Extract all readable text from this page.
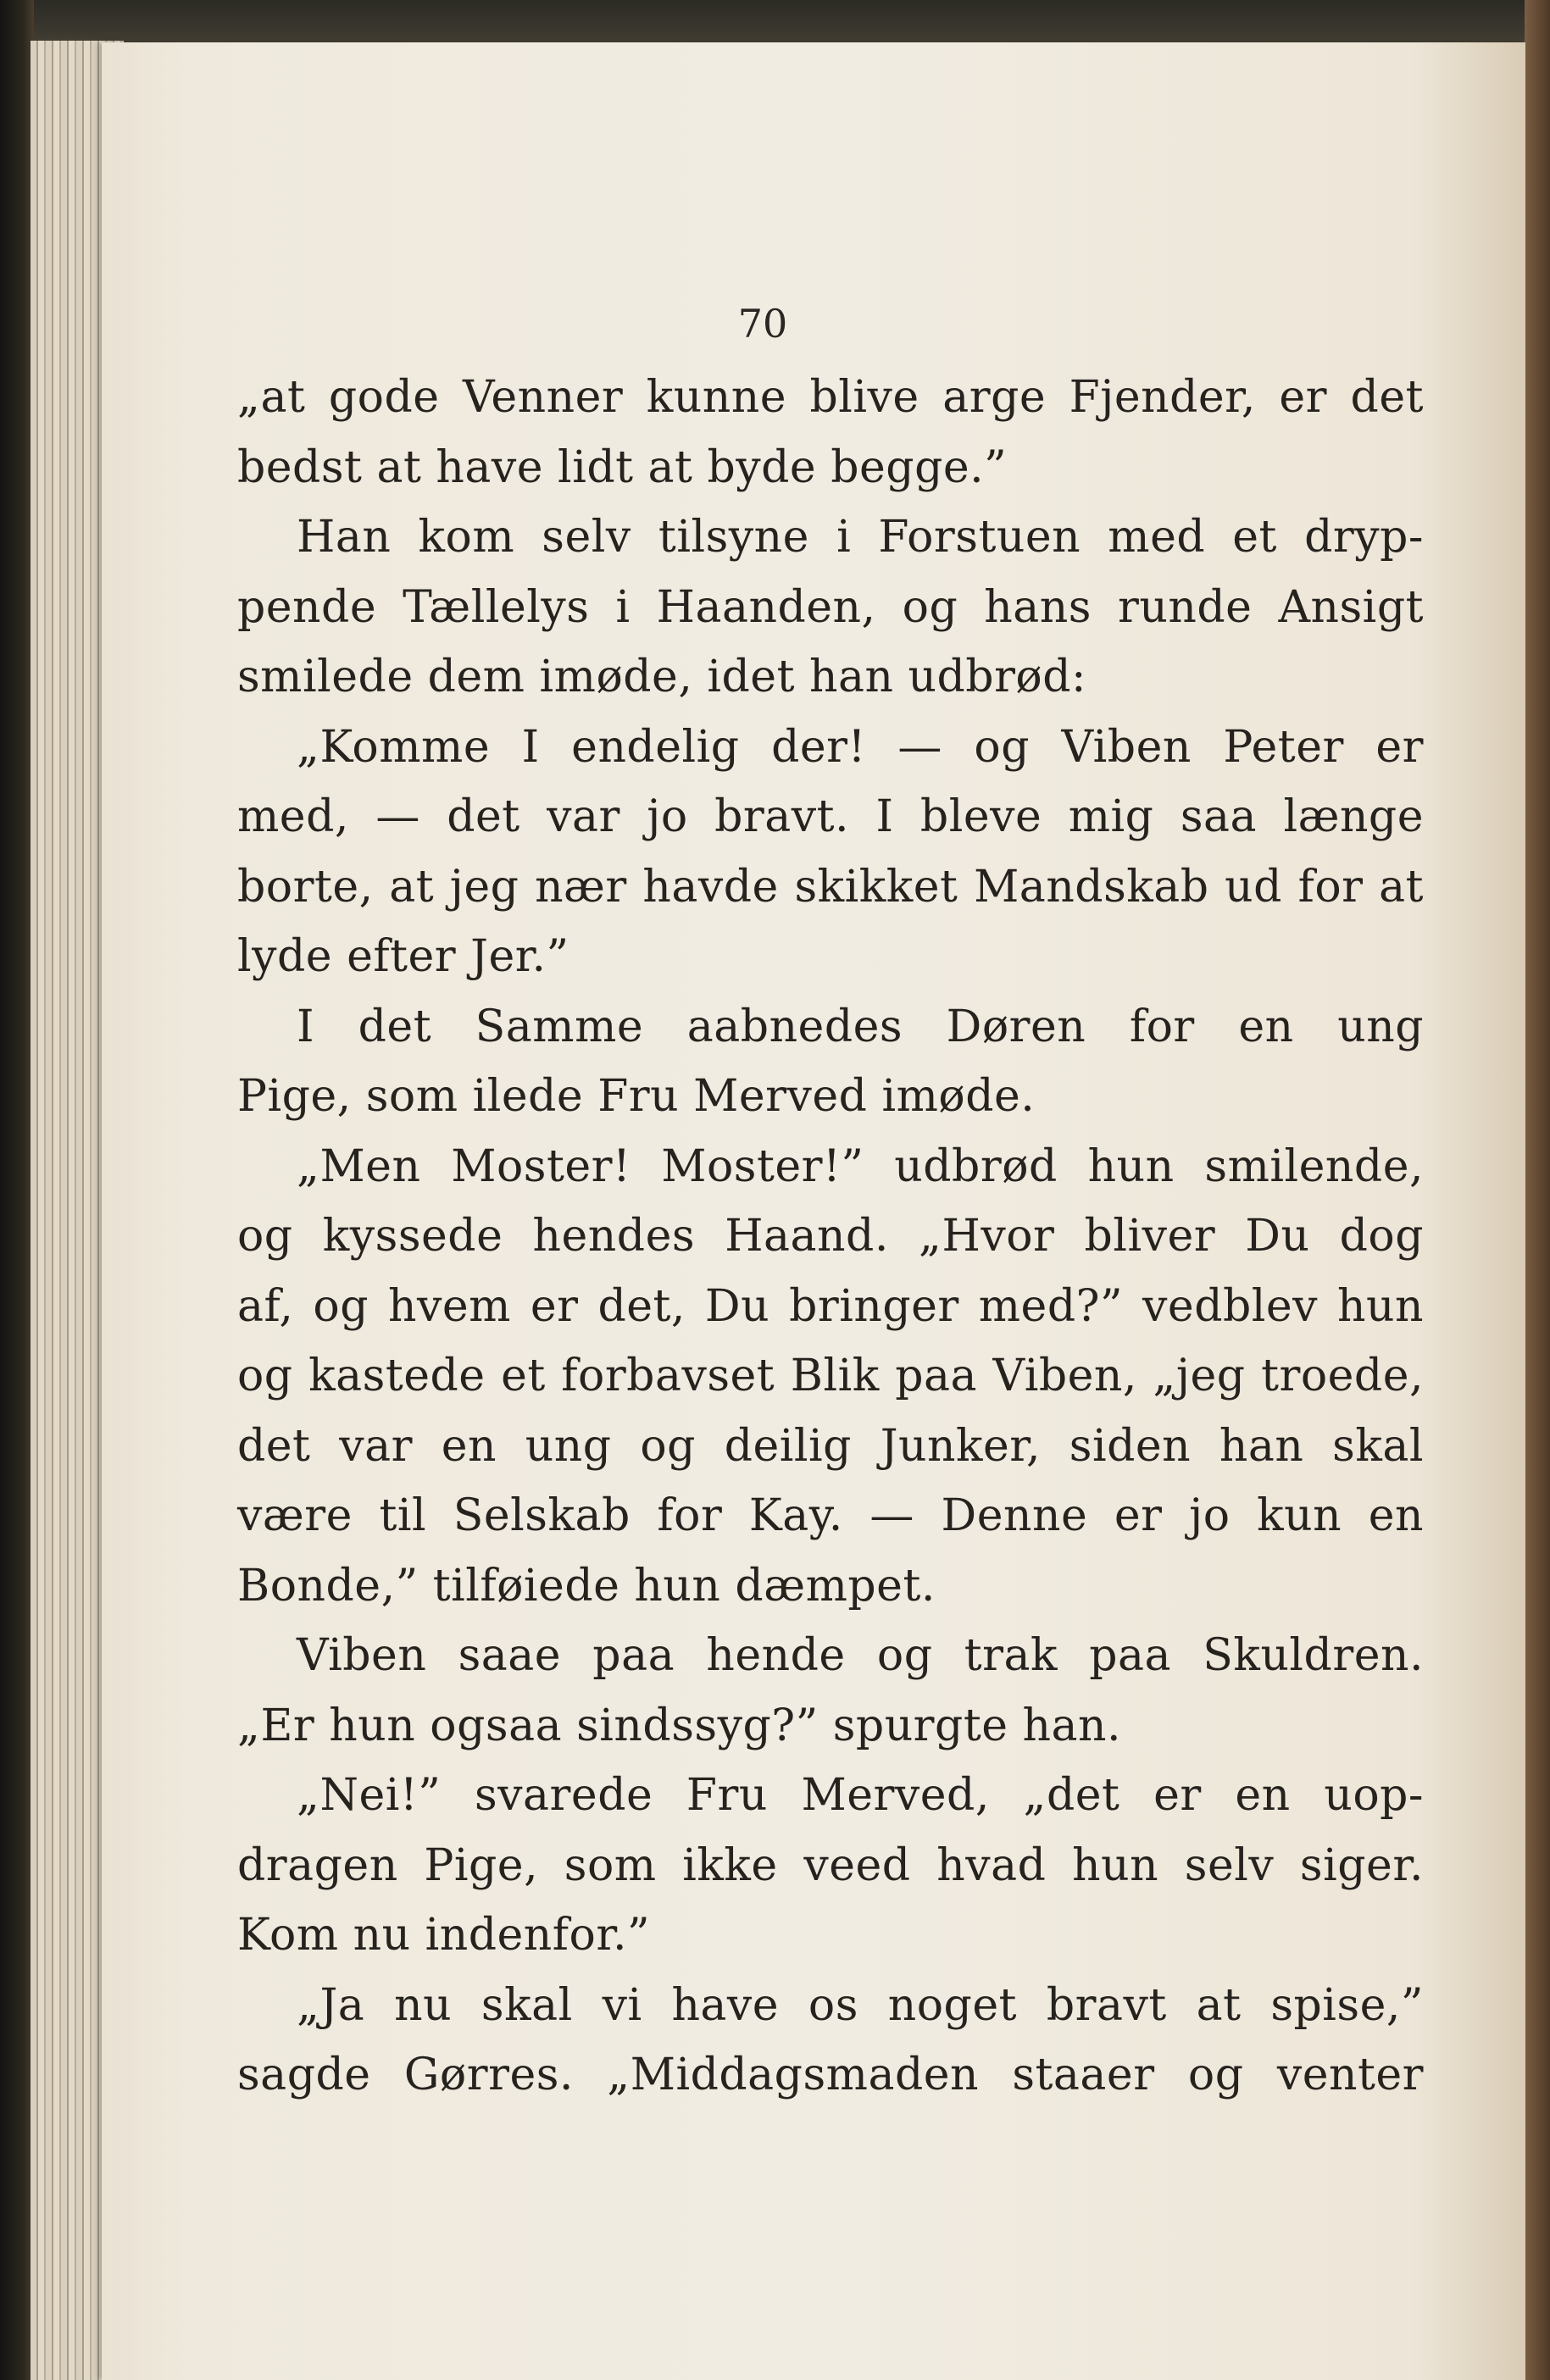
70
„at gode Venner kunne blive arge Fjender, er det
bedst at have lidt at byde begge.”
Han kom selv tilsyne i Forstuen med et dryp-
pende Tællelys i Haanden, og hans runde Ansigt
smilede dem imøde, idet han udbrød:
„Komme I endelig der! — og Viben Peter er
med, — det var jo bravt. I bleve mig saa længe
borte, at jeg nær havde skikket Mandskab ud for at
lyde efter Jer.”
I det Samme aabnedes Døren for en ung
Pige, som ilede Fru Merved imøde.
„Men Moster! Moster!” udbrød hun smilende,
og kyssede hendes Haand. „Hvor bliver Du dog
af, og hvem er det, Du bringer med?” vedblev hun
og kastede et forbavset Blik paa Viben, „jeg troede,
det var en ung og deilig Junker, siden han skal
være til Selskab for Kay. — Denne er jo kun en
Bonde,” tilføiede hun dæmpet.
Viben saae paa hende og trak paa Skuldren.
„Er hun ogsaa sindssyg?” spurgte han.
„Nei!” svarede Fru Merved, „det er en uop-
dragen Pige, som ikke veed hvad hun selv siger.
Kom nu indenfor.”
„Ja nu skal vi have os noget bravt at spise,”
sagde Gørres. „Middagsmaden staaer og venter
